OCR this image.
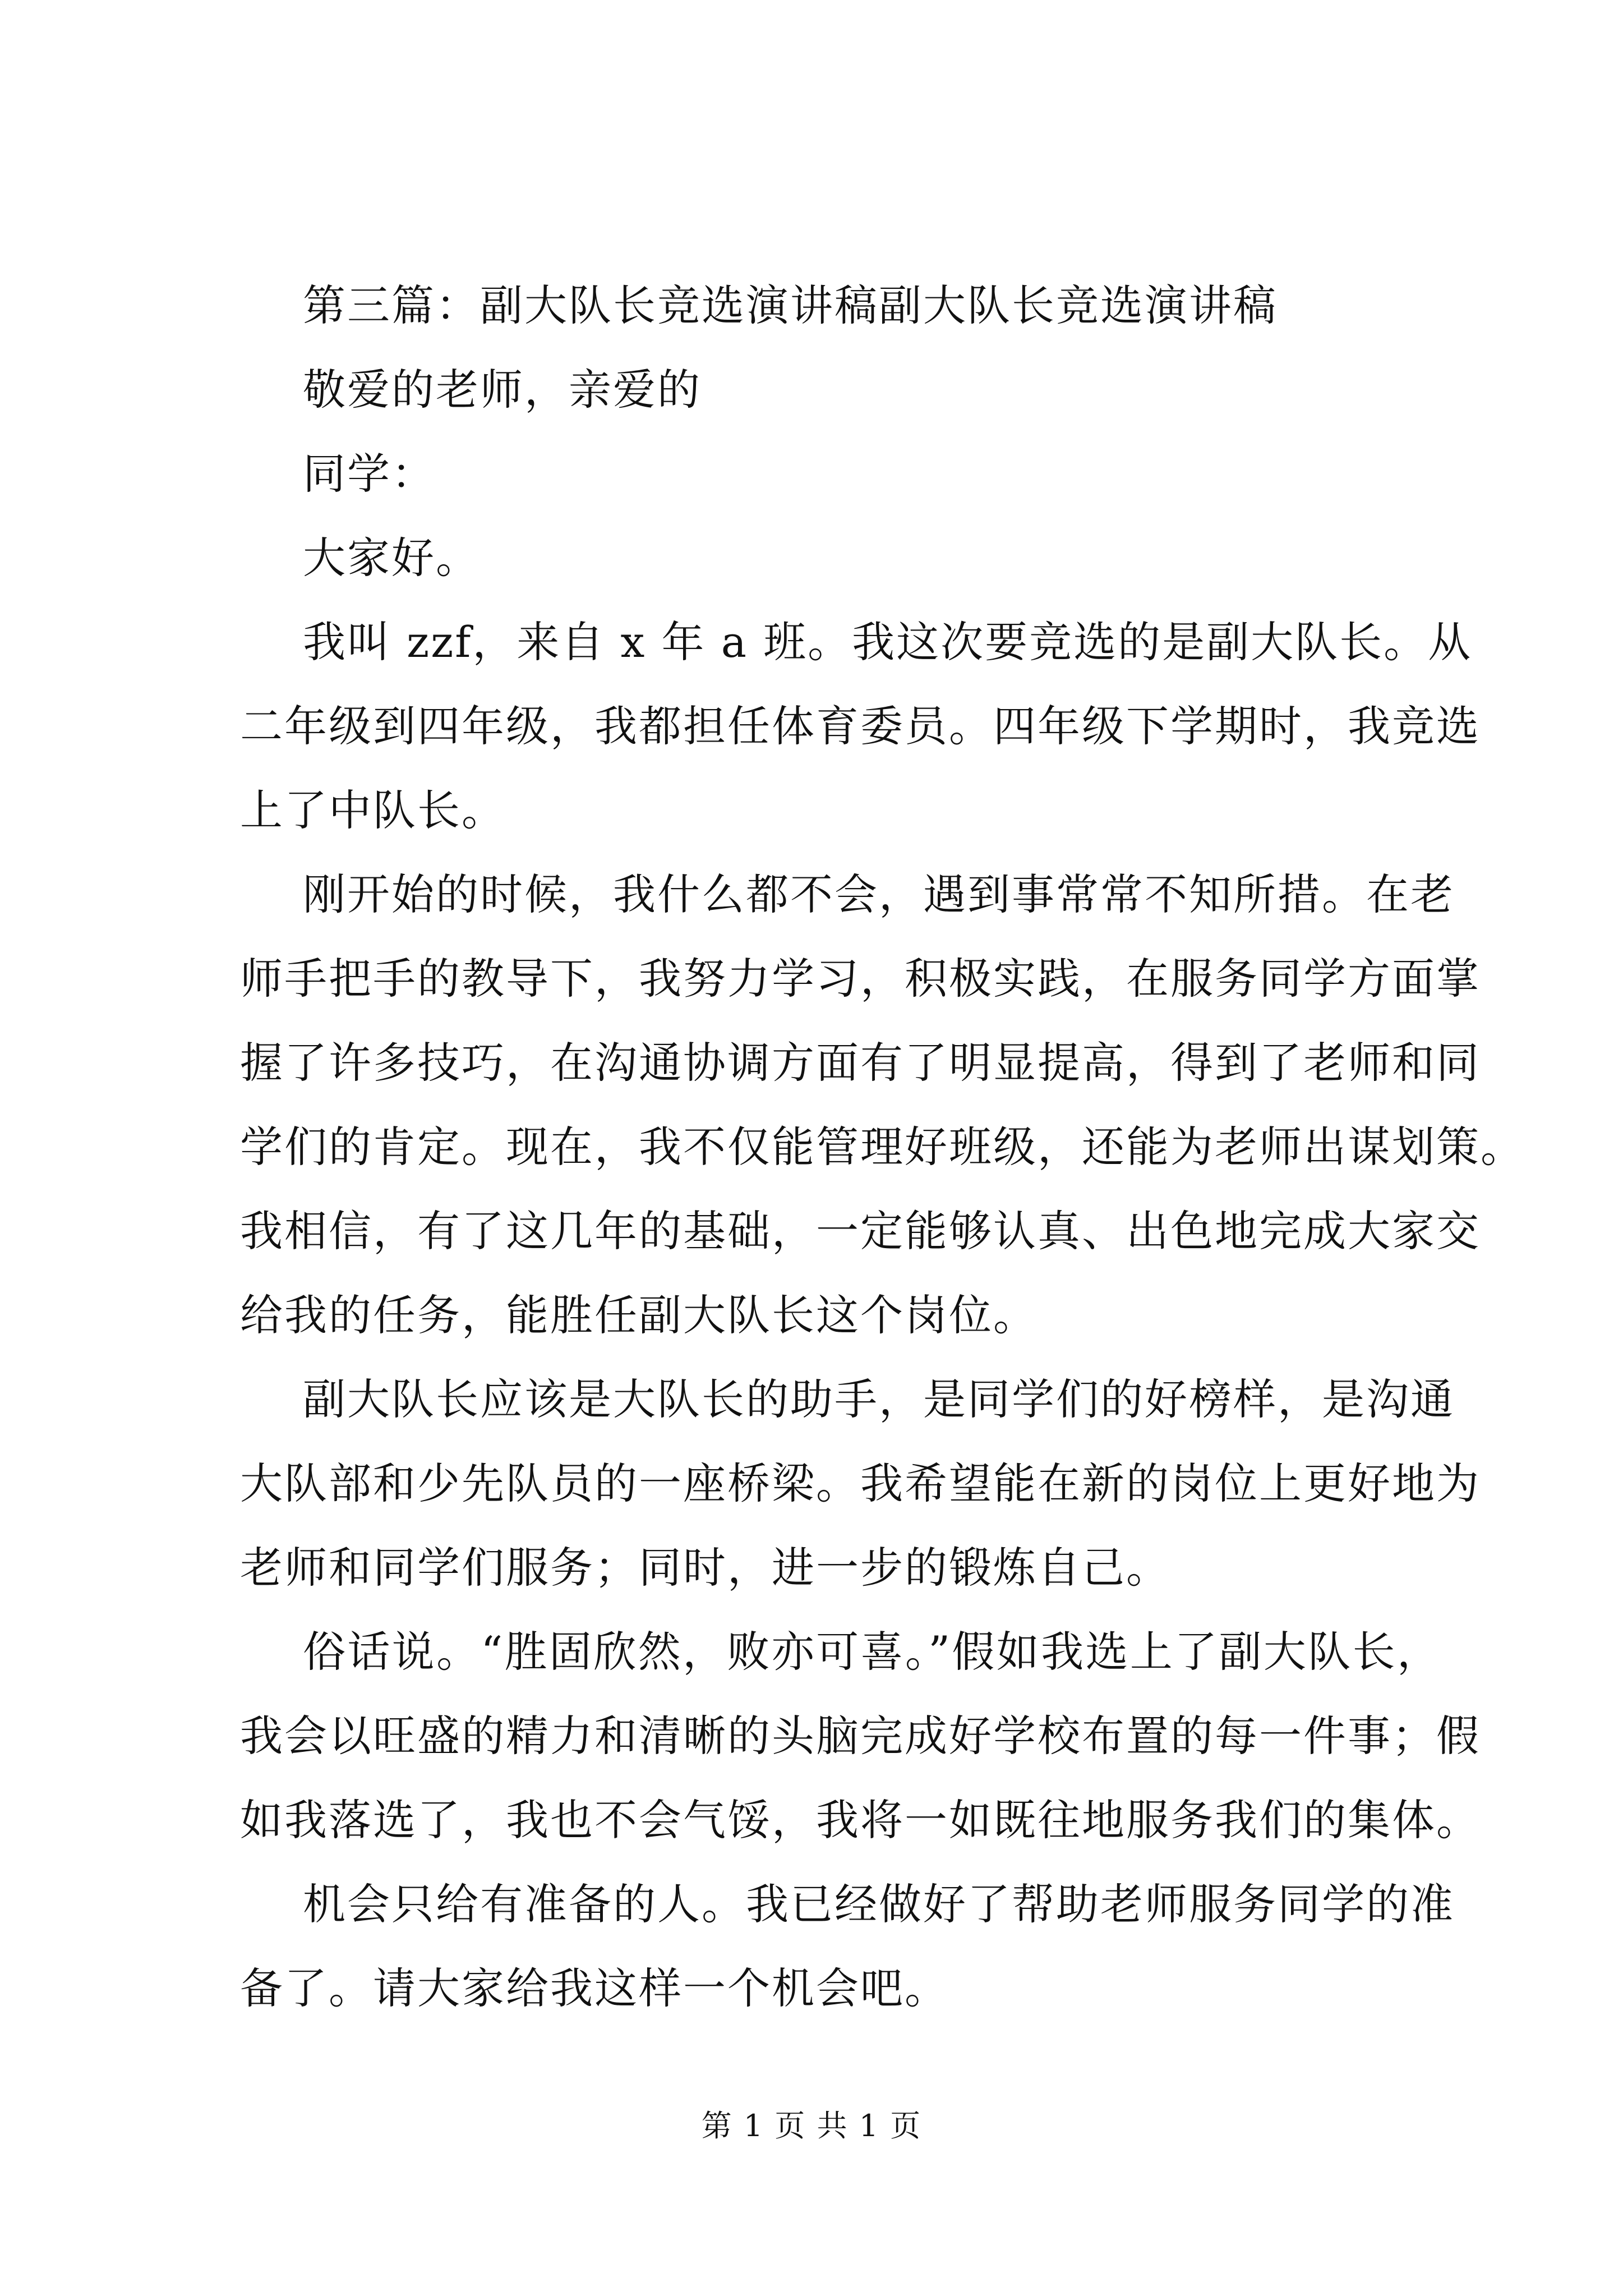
第三篇：副大队长竞选演讲稿副大队长竞选演讲稿
敬爱的老师，亲爱的
同学：
大家好。
我叫 zzf，来自 x 年 a 班。我这次要竞选的是副大队长。从
二年级到四年级，我都担任体育委员。四年级下学期时，我竞选
上了中队长。
刚开始的时候，我什么都不会，遇到事常常不知所措。在老
师手把手的教导下，我努力学习，积极实践，在服务同学方面掌
握了许多技巧，在沟通协调方面有了明显提高，得到了老师和同
学们的肯定。现在，我不仅能管理好班级，还能为老师出谋划策。
我相信，有了这几年的基础，一定能够认真、出色地完成大家交
给我的任务，能胜任副大队长这个岗位。
副大队长应该是大队长的助手，是同学们的好榜样，是沟通
大队部和少先队员的一座桥梁。我希望能在新的岗位上更好地为
老师和同学们服务；同时，进一步的锻炼自己。
俗话说。“胜固欣然，败亦可喜。”假如我选上了副大队长，
我会以旺盛的精力和清晰的头脑完成好学校布置的每一件事；假
如我落选了，我也不会气馁，我将一如既往地服务我们的集体。
机会只给有准备的人。我已经做好了帮助老师服务同学的准
备了。请大家给我这样一个机会吧。
第 1 页 共 1 页
